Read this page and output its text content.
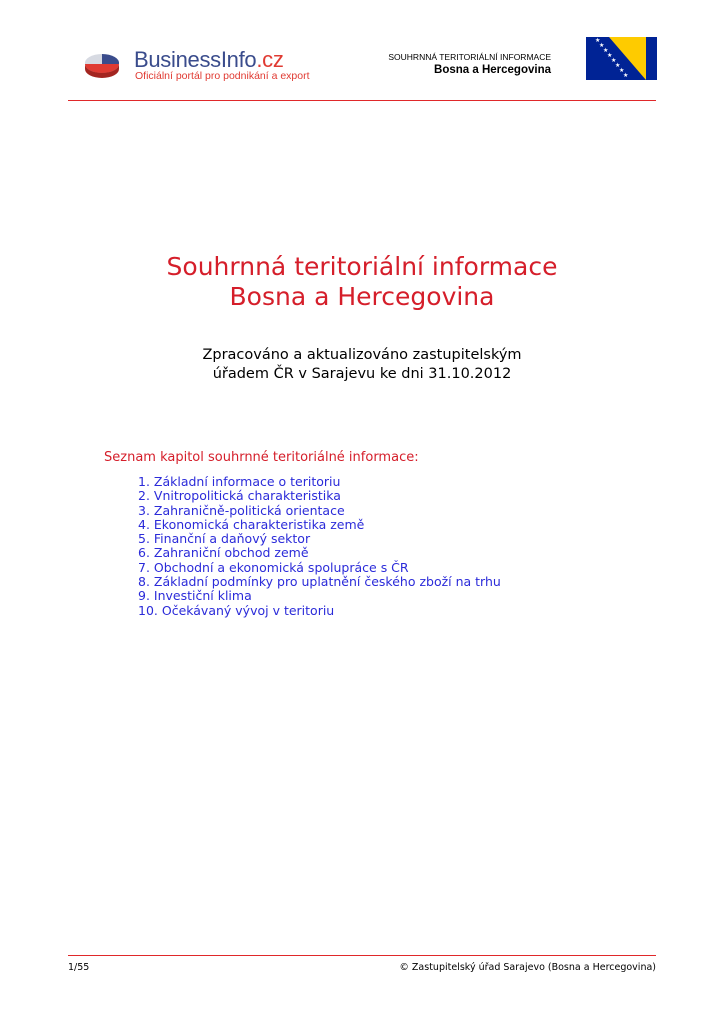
BusinessInfo.cz
Oficiální portál pro podnikání a export
SOUHRNNÁ TERITORIÁLNÍ INFORMACE
Bosna a Hercegovina
★
★
★
★
★
★
★
★
Souhrnná teritoriální informace
Bosna a Hercegovina
Zpracováno a aktualizováno zastupitelským
úřadem ČR v Sarajevu ke dni 31.10.2012
Seznam kapitol souhrnné teritoriálné informace:
1. Základní informace o teritoriu
2. Vnitropolitická charakteristika
3. Zahraničně-politická orientace
4. Ekonomická charakteristika země
5. Finanční a daňový sektor
6. Zahraniční obchod země
7. Obchodní a ekonomická spolupráce s ČR
8. Základní podmínky pro uplatnění českého zboží na trhu
9. Investiční klima
10. Očekávaný vývoj v teritoriu
1/55	© Zastupitelský úřad Sarajevo (Bosna a Hercegovina)
